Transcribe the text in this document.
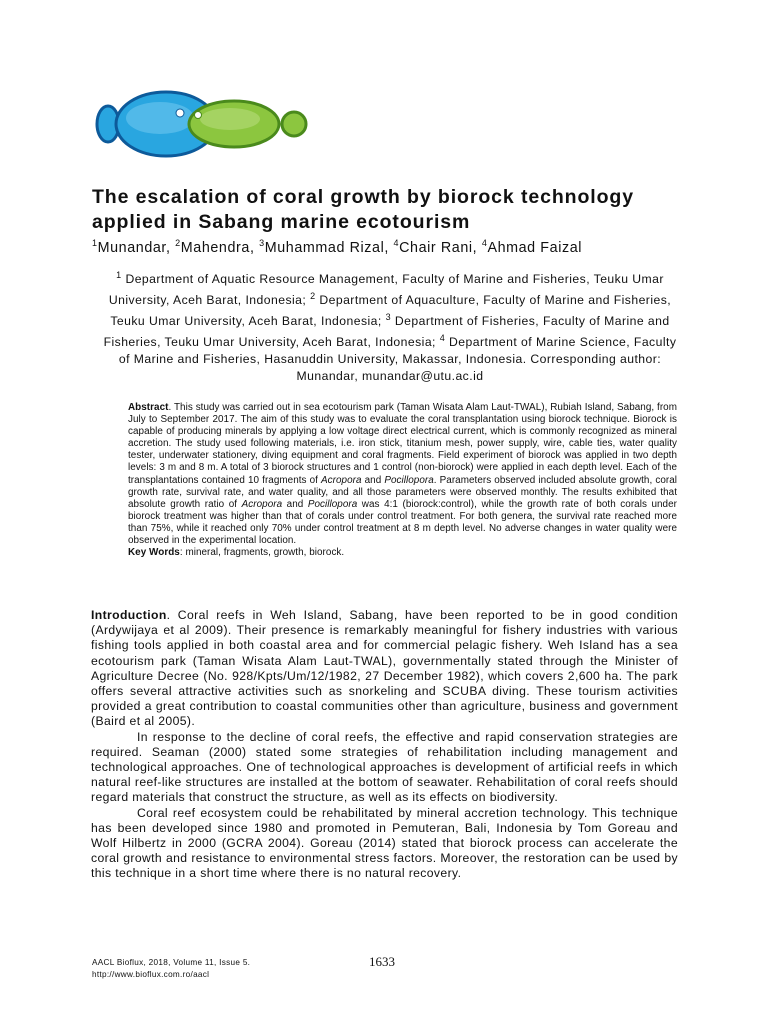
The escalation of coral growth by biorock technology applied in Sabang marine ecotourism
$^1$Munandar, $^2$Mahendra, $^3$Muhammad Rizal, $^4$Chair Rani, $^4$Ahmad Faizal
$^1$ Department of Aquatic Resource Management, Faculty of Marine and Fisheries, Teuku Umar University, Aceh Barat, Indonesia; $^2$ Department of Aquaculture, Faculty of Marine and Fisheries, Teuku Umar University, Aceh Barat, Indonesia; $^3$ Department of Fisheries, Faculty of Marine and Fisheries, Teuku Umar University, Aceh Barat, Indonesia; $^4$ Department of Marine Science, Faculty of Marine and Fisheries, Hasanuddin University, Makassar, Indonesia. Corresponding author: Munandar, munandar@utu.ac.id
Abstract. This study was carried out in sea ecotourism park (Taman Wisata Alam Laut-TWAL), Rubiah Island, Sabang, from July to September 2017. The aim of this study was to evaluate the coral transplantation using biorock technique. Biorock is capable of producing minerals by applying a low voltage direct electrical current, which is commonly recognized as mineral accretion. The study used following materials, i.e. iron stick, titanium mesh, power supply, wire, cable ties, water quality tester, underwater stationery, diving equipment and coral fragments. Field experiment of biorock was applied in two depth levels: 3 m and 8 m. A total of 3 biorock structures and 1 control (non-biorock) were applied in each depth level. Each of the transplantations contained 10 fragments of Acropora and Pocillopora. Parameters observed included absolute growth, coral growth rate, survival rate, and water quality, and all those parameters were observed monthly. The results exhibited that absolute growth ratio of Acropora and Pocillopora was 4:1 (biorock:control), while the growth rate of both corals under biorock treatment was higher than that of corals under control treatment. For both genera, the survival rate reached more than 75%, while it reached only 70% under control treatment at 8 m depth level. No adverse changes in water quality were observed in the experimental location.
Key Words: mineral, fragments, growth, biorock.

Introduction. Coral reefs in Weh Island, Sabang, have been reported to be in good condition (Ardywijaya et al 2009). Their presence is remarkably meaningful for fishery industries with various fishing tools applied in both coastal area and for commercial pelagic fishery. Weh Island has a sea ecotourism park (Taman Wisata Alam Laut-TWAL), governmentally stated through the Minister of Agriculture Decree (No. 928/Kpts/Um/12/1982, 27 December 1982), which covers 2,600 ha. The park offers several attractive activities such as snorkeling and SCUBA diving. These tourism activities provided a great contribution to coastal communities other than agriculture, business and government (Baird et al 2005).

In response to the decline of coral reefs, the effective and rapid conservation strategies are required. Seaman (2000) stated some strategies of rehabilitation including management and technological approaches. One of technological approaches is development of artificial reefs in which natural reef-like structures are installed at the bottom of seawater. Rehabilitation of coral reefs should regard materials that construct the structure, as well as its effects on biodiversity.

Coral reef ecosystem could be rehabilitated by mineral accretion technology. This technique has been developed since 1980 and promoted in Pemuteran, Bali, Indonesia by Tom Goreau and Wolf Hilbertz in 2000 (GCRA 2004). Goreau (2014) stated that biorock process can accelerate the coral growth and resistance to environmental stress factors. Moreover, the restoration can be used by this technique in a short time where there is no natural recovery.

AACL Bioflux, 2018, Volume 11, Issue 5.
http://www.bioflux.com.ro/aacl
1633
